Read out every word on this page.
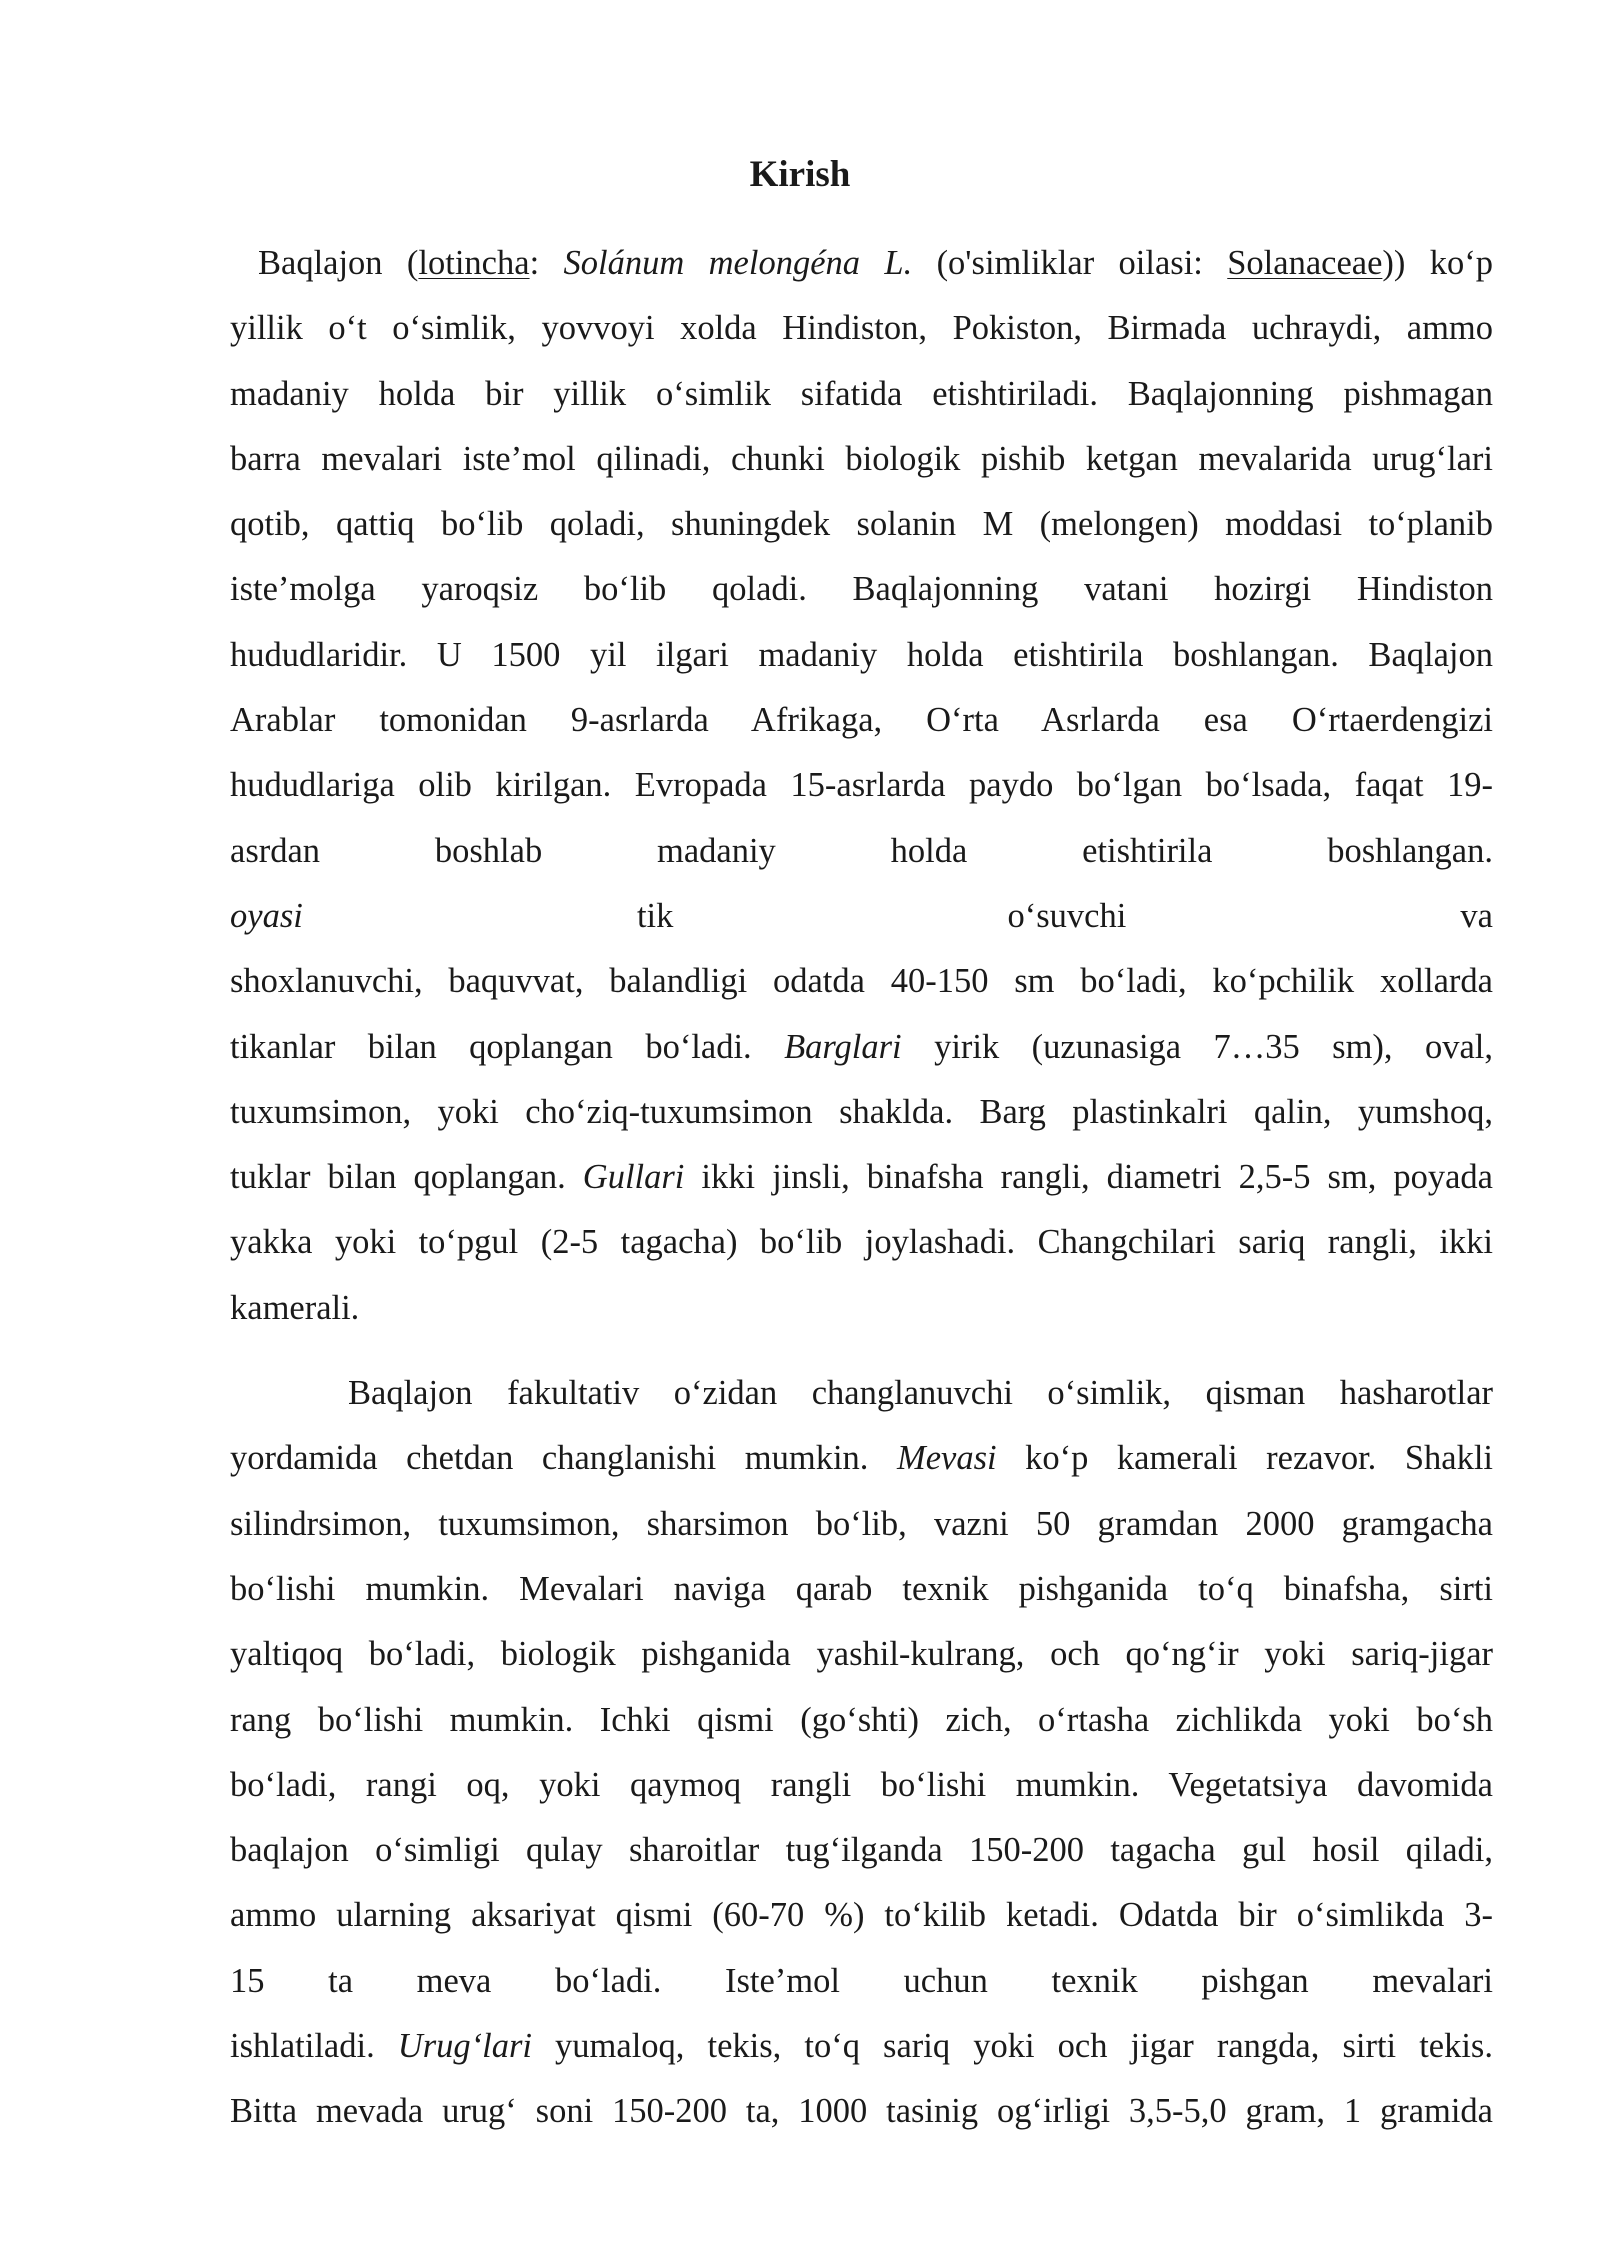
Kirish
Baqlajon (lotincha: Solánum melongéna L. (o'simliklar oilasi: Solanaceae)) ko‘p
yillik o‘t o‘simlik, yovvoyi xolda Hindiston, Pokiston, Birmada uchraydi, ammo
madaniy holda bir yillik o‘simlik sifatida etishtiriladi. Baqlajonning pishmagan
barra mevalari iste’mol qilinadi, chunki biologik pishib ketgan mevalarida urug‘lari
qotib, qattiq bo‘lib qoladi, shuningdek solanin M (melongen) moddasi to‘planib
iste’molga yaroqsiz bo‘lib qoladi. Baqlajonning vatani hozirgi Hindiston
hududlaridir. U 1500 yil ilgari madaniy holda etishtirila boshlangan. Baqlajon
Arablar tomonidan 9-asrlarda Afrikaga, O‘rta Asrlarda esa O‘rtaerdengizi
hududlariga olib kirilgan. Evropada 15-asrlarda paydo bo‘lgan bo‘lsada, faqat 19-
asrdan boshlab madaniy holda etishtirila boshlangan.
oyasi tik o‘suvchi va
shoxlanuvchi, baquvvat, balandligi odatda 40-150 sm bo‘ladi, ko‘pchilik xollarda
tikanlar bilan qoplangan bo‘ladi. Barglari yirik (uzunasiga 7…35 sm), oval,
tuxumsimon, yoki cho‘ziq-tuxumsimon shakldа. Barg plastinkalri qalin, yumshoq,
tuklar bilan qoplangan. Gullari ikki jinsli, binafsha rangli, diametri 2,5-5 sm, poyada
yakka yoki to‘pgul (2-5 tagacha) bo‘lib joylashadi. Changchilari sariq rangli, ikki
kamerali.
Baqlajon fakultativ o‘zidan changlanuvchi o‘simlik, qisman hasharotlar
yordamida chetdan changlanishi mumkin. Mevasi ko‘p kamerali rezavor. Shakli
silindrsimon, tuxumsimon, sharsimon bo‘lib, vazni 50 gramdan 2000 gramgacha
bo‘lishi mumkin. Mevalari naviga qarab texnik pishganida to‘q binafsha, sirti
yaltiqoq bo‘ladi, biologik pishganida yashil-kulrang, och qo‘ng‘ir yoki sariq-jigar
rang bo‘lishi mumkin. Ichki qismi (go‘shti) zich, o‘rtasha zichlikda yoki bo‘sh
bo‘ladi, rangi oq, yoki qaymoq rangli bo‘lishi mumkin. Vegetatsiya davomida
baqlajon o‘simligi qulay sharoitlar tug‘ilganda 150-200 tagacha gul hosil qiladi,
ammo ularning aksariyat qismi (60-70 %) to‘kilib ketadi. Odatda bir o‘simlikda 3-
15 ta meva bo‘ladi. Iste’mol uchun texnik pishgan mevalari
ishlatiladi. Urug‘lari yumaloq, tekis, to‘q sariq yoki och jigar rangda, sirti tekis.
Bitta mevada urug‘ soni 150-200 ta, 1000 tasinig og‘irligi 3,5-5,0 gram, 1 gramida
